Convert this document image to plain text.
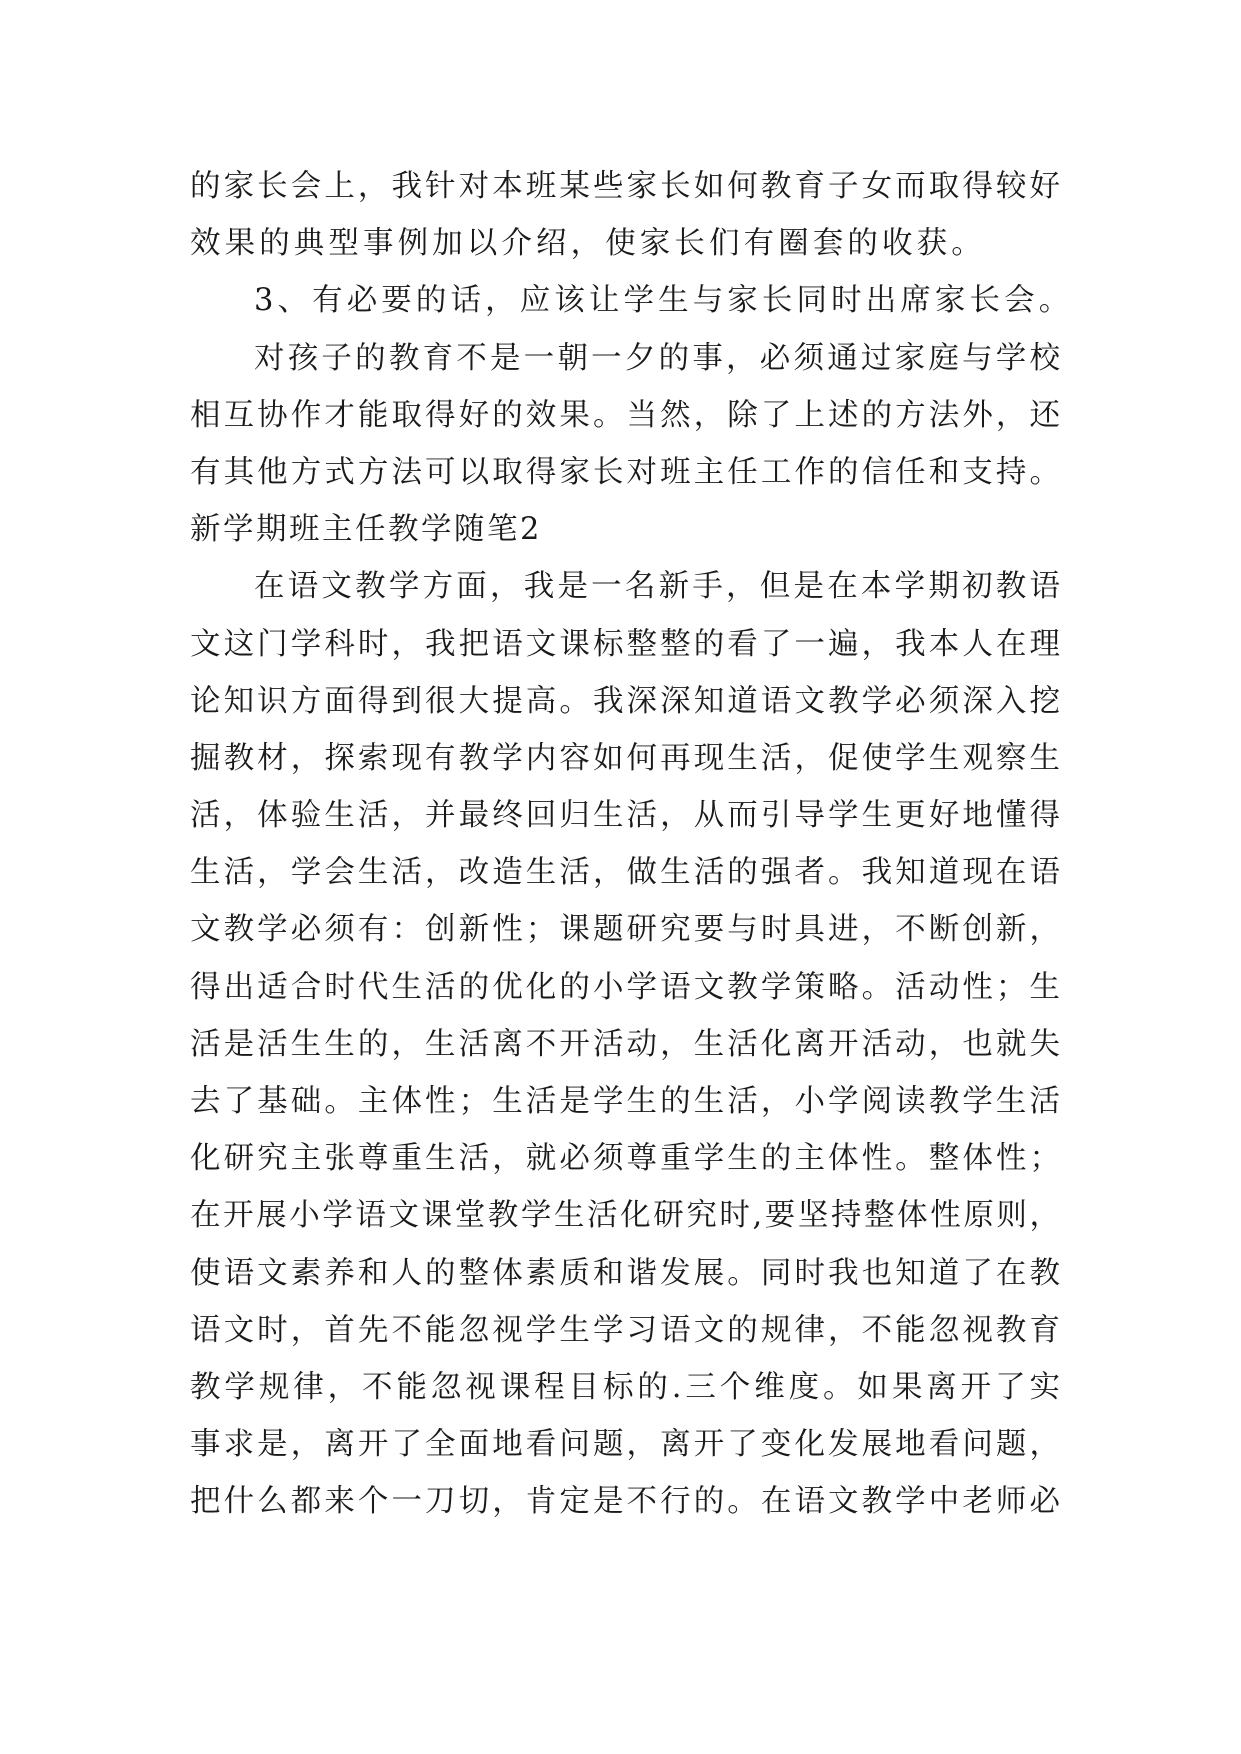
的家长会上，我针对本班某些家长如何教育子女而取得较好
效果的典型事例加以介绍，使家长们有圈套的收获。
3、有必要的话，应该让学生与家长同时出席家长会。
对孩子的教育不是一朝一夕的事，必须通过家庭与学校
相互协作才能取得好的效果。当然，除了上述的方法外，还
有其他方式方法可以取得家长对班主任工作的信任和支持。
新学期班主任教学随笔2
在语文教学方面，我是一名新手，但是在本学期初教语
文这门学科时，我把语文课标整整的看了一遍，我本人在理
论知识方面得到很大提高。我深深知道语文教学必须深入挖
掘教材，探索现有教学内容如何再现生活，促使学生观察生
活，体验生活，并最终回归生活，从而引导学生更好地懂得
生活，学会生活，改造生活，做生活的强者。我知道现在语
文教学必须有：创新性；课题研究要与时具进，不断创新，
得出适合时代生活的优化的小学语文教学策略。活动性；生
活是活生生的，生活离不开活动，生活化离开活动，也就失
去了基础。主体性；生活是学生的生活，小学阅读教学生活
化研究主张尊重生活，就必须尊重学生的主体性。整体性；
在开展小学语文课堂教学生活化研究时,要坚持整体性原则，
使语文素养和人的整体素质和谐发展。同时我也知道了在教
语文时，首先不能忽视学生学习语文的规律，不能忽视教育
教学规律，不能忽视课程目标的.三个维度。如果离开了实
事求是，离开了全面地看问题，离开了变化发展地看问题，
把什么都来个一刀切，肯定是不行的。在语文教学中老师必
